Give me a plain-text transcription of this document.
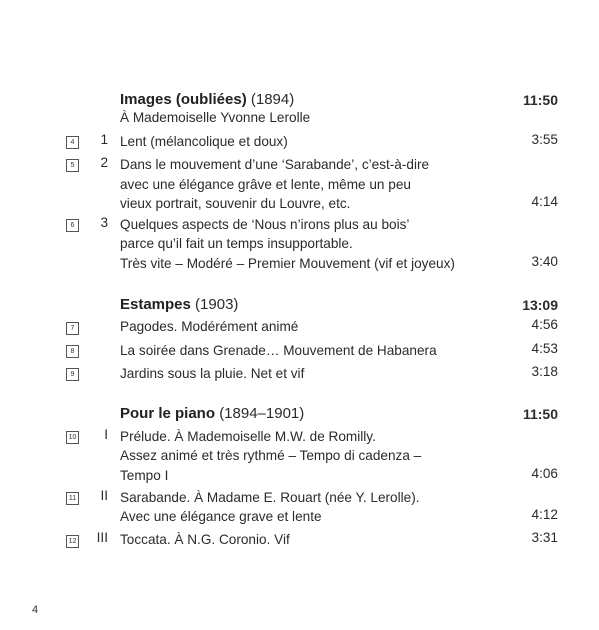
Images (oubliées) (1894)	11:50
À Mademoiselle Yvonne Lerolle
4	1 Lent (mélancolique et doux)	3:55
5	2 Dans le mouvement d’une ‘Sarabande’, c’est-à-dire
avec une élégance grâve et lente, même un peu
vieux portrait, souvenir du Louvre, etc.	4:14
6	3 Quelques aspects de ‘Nous n’irons plus au bois’
parce qu’il fait un temps insupportable.
Très vite – Modéré – Premier Mouvement (vif et joyeux)	3:40
Estampes (1903)	13:09
7	Pagodes. Modérément animé	4:56
8	La soirée dans Grenade… Mouvement de Habanera	4:53
9	Jardins sous la pluie. Net et vif	3:18
Pour le piano (1894–1901)	11:50
10	I Prélude. À Mademoiselle M.W. de Romilly.
Assez animé et très rythmé – Tempo di cadenza –
Tempo I	4:06
11	II Sarabande. À Madame E. Rouart (née Y. Lerolle).
Avec une élégance grave et lente	4:12
12	III Toccata. À N.G. Coronio. Vif	3:31
4
